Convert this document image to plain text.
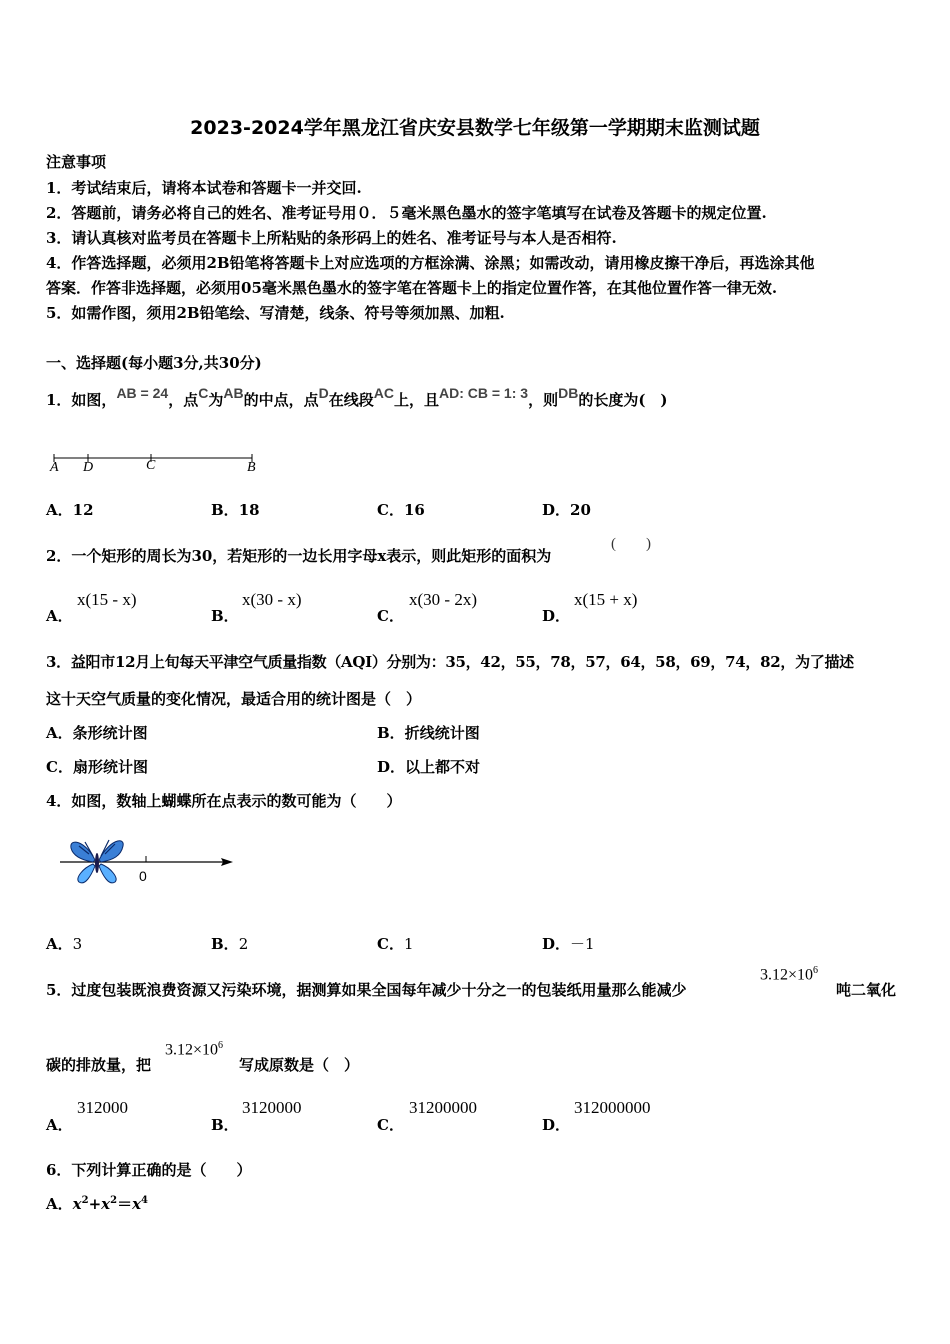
2023-2024学年黑龙江省庆安县数学七年级第一学期期末监测试题
注意事项
1．考试结束后，请将本试卷和答题卡一并交回.
2．答题前，请务必将自己的姓名、准考证号用０．５毫米黑色墨水的签字笔填写在试卷及答题卡的规定位置.
3．请认真核对监考员在答题卡上所粘贴的条形码上的姓名、准考证号与本人是否相符.
4．作答选择题，必须用2B铅笔将答题卡上对应选项的方框涂满、涂黑；如需改动，请用橡皮擦干净后，再选涂其他
答案．作答非选择题，必须用05毫米黑色墨水的签字笔在答题卡上的指定位置作答，在其他位置作答一律无效.
5．如需作图，须用2B铅笔绘、写清楚，线条、符号等须加黑、加粗.
一、选择题(每小题3分,共30分)
1．如图，AB = 24，点C为AB的中点，点D在线段AC上，且AD: CB = 1: 3，则DB的长度为(　)
A D	C	B
A．12	B．18	C．16	D．20
2．一个矩形的周长为30，若矩形的一边长用字母x表示，则此矩形的面积为
(　　)
A．
x(15 - x)
B．
x(30 - x)
C．
x(30 - 2x)
D．
x(15 + x)
3．益阳市12月上旬每天平津空气质量指数（AQI）分别为：35，42，55，78，57，64，58，69，74，82，为了描述
这十天空气质量的变化情况，最适合用的统计图是（　）
A．条形统计图	B．折线统计图
C．扇形统计图	D．以上都不对
4．如图，数轴上蝴蝶所在点表示的数可能为（　　）
0
A．3	B．2	C．1	D．－1
5．过度包装既浪费资源又污染环境，据测算如果全国每年减少十分之一的包装纸用量那么能减少
$3.12\times 10^6$
吨二氧化
碳的排放量，把
$3.12\times 10^6$
写成原数是（　）
A．
312000
B．
3120000
C．
31200000
D．
312000000
6．下列计算正确的是（　　）
A．$x^2+x^2=x^4$
